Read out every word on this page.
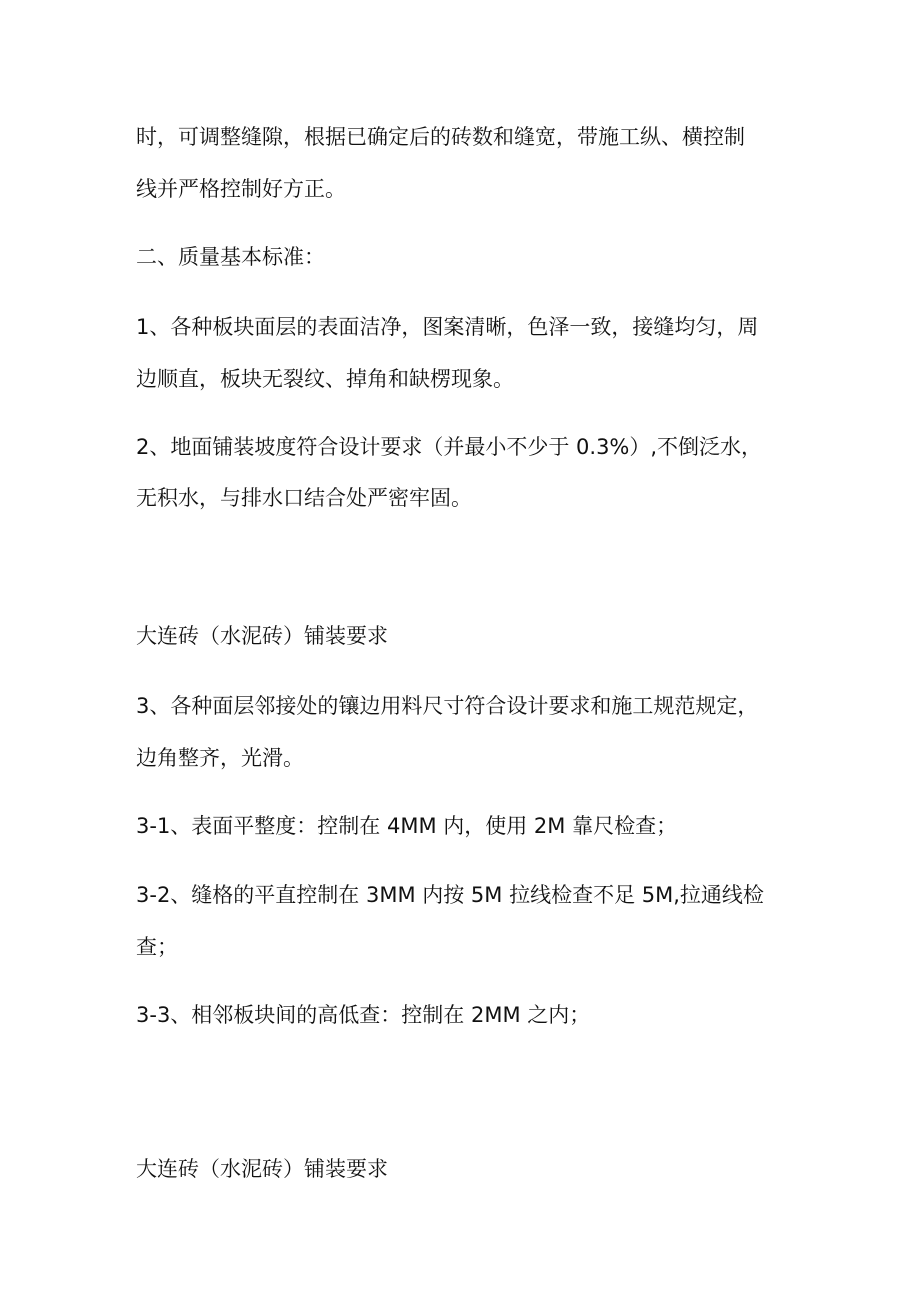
时，可调整缝隙，根据已确定后的砖数和缝宽，带施工纵、横控制

线并严格控制好方正。

二、质量基本标准：

1、各种板块面层的表面洁净，图案清晰，色泽一致，接缝均匀，周

边顺直，板块无裂纹、掉角和缺楞现象。

2、地面铺装坡度符合设计要求（并最小不少于 0.3%）,不倒泛水，

无积水，与排水口结合处严密牢固。

大连砖（水泥砖）铺装要求

3、各种面层邻接处的镶边用料尺寸符合设计要求和施工规范规定，

边角整齐，光滑。

3-1、表面平整度：控制在 4MM 内，使用 2M 靠尺检查；

3-2、缝格的平直控制在 3MM 内按 5M 拉线检查不足 5M,拉通线检

查；

3-3、相邻板块间的高低查：控制在 2MM 之内；

大连砖（水泥砖）铺装要求
